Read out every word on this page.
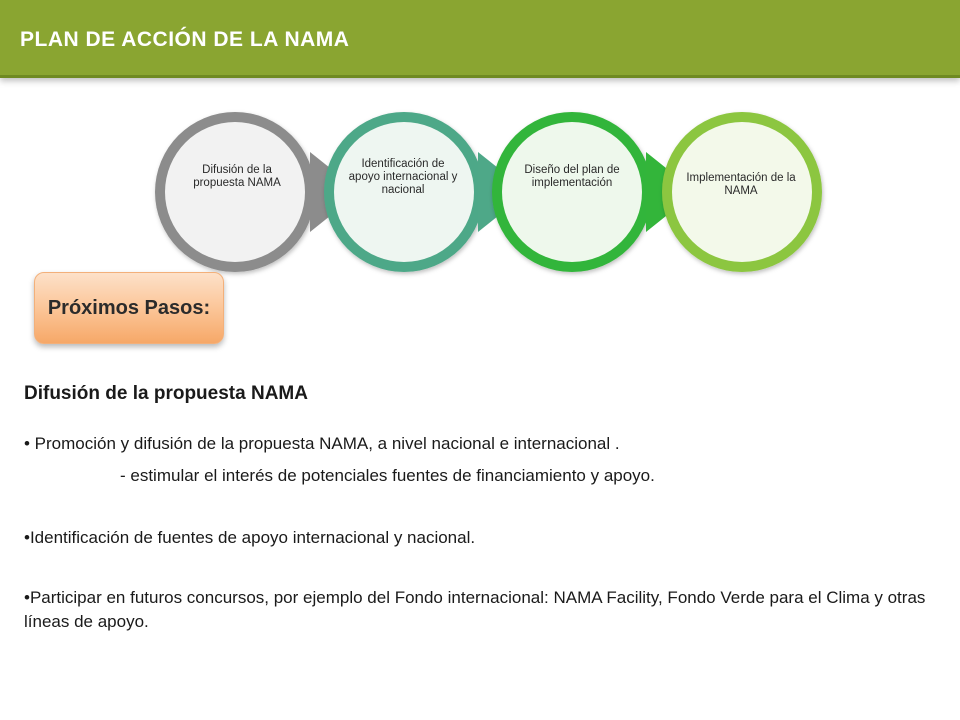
PLAN DE ACCIÓN DE LA NAMA
Difusión de la propuesta NAMA
Identificación de apoyo internacional y nacional
Diseño del plan de implementación	Implementación de la NAMA
Próximos Pasos:
Difusión de la propuesta NAMA
• Promoción y difusión de la propuesta NAMA, a nivel nacional e internacional .
- estimular el interés de potenciales fuentes de financiamiento y apoyo.
•Identificación de fuentes de apoyo internacional y nacional.
•Participar en futuros concursos, por ejemplo del Fondo internacional: NAMA Facility, Fondo Verde para el Clima y otras líneas de apoyo.
